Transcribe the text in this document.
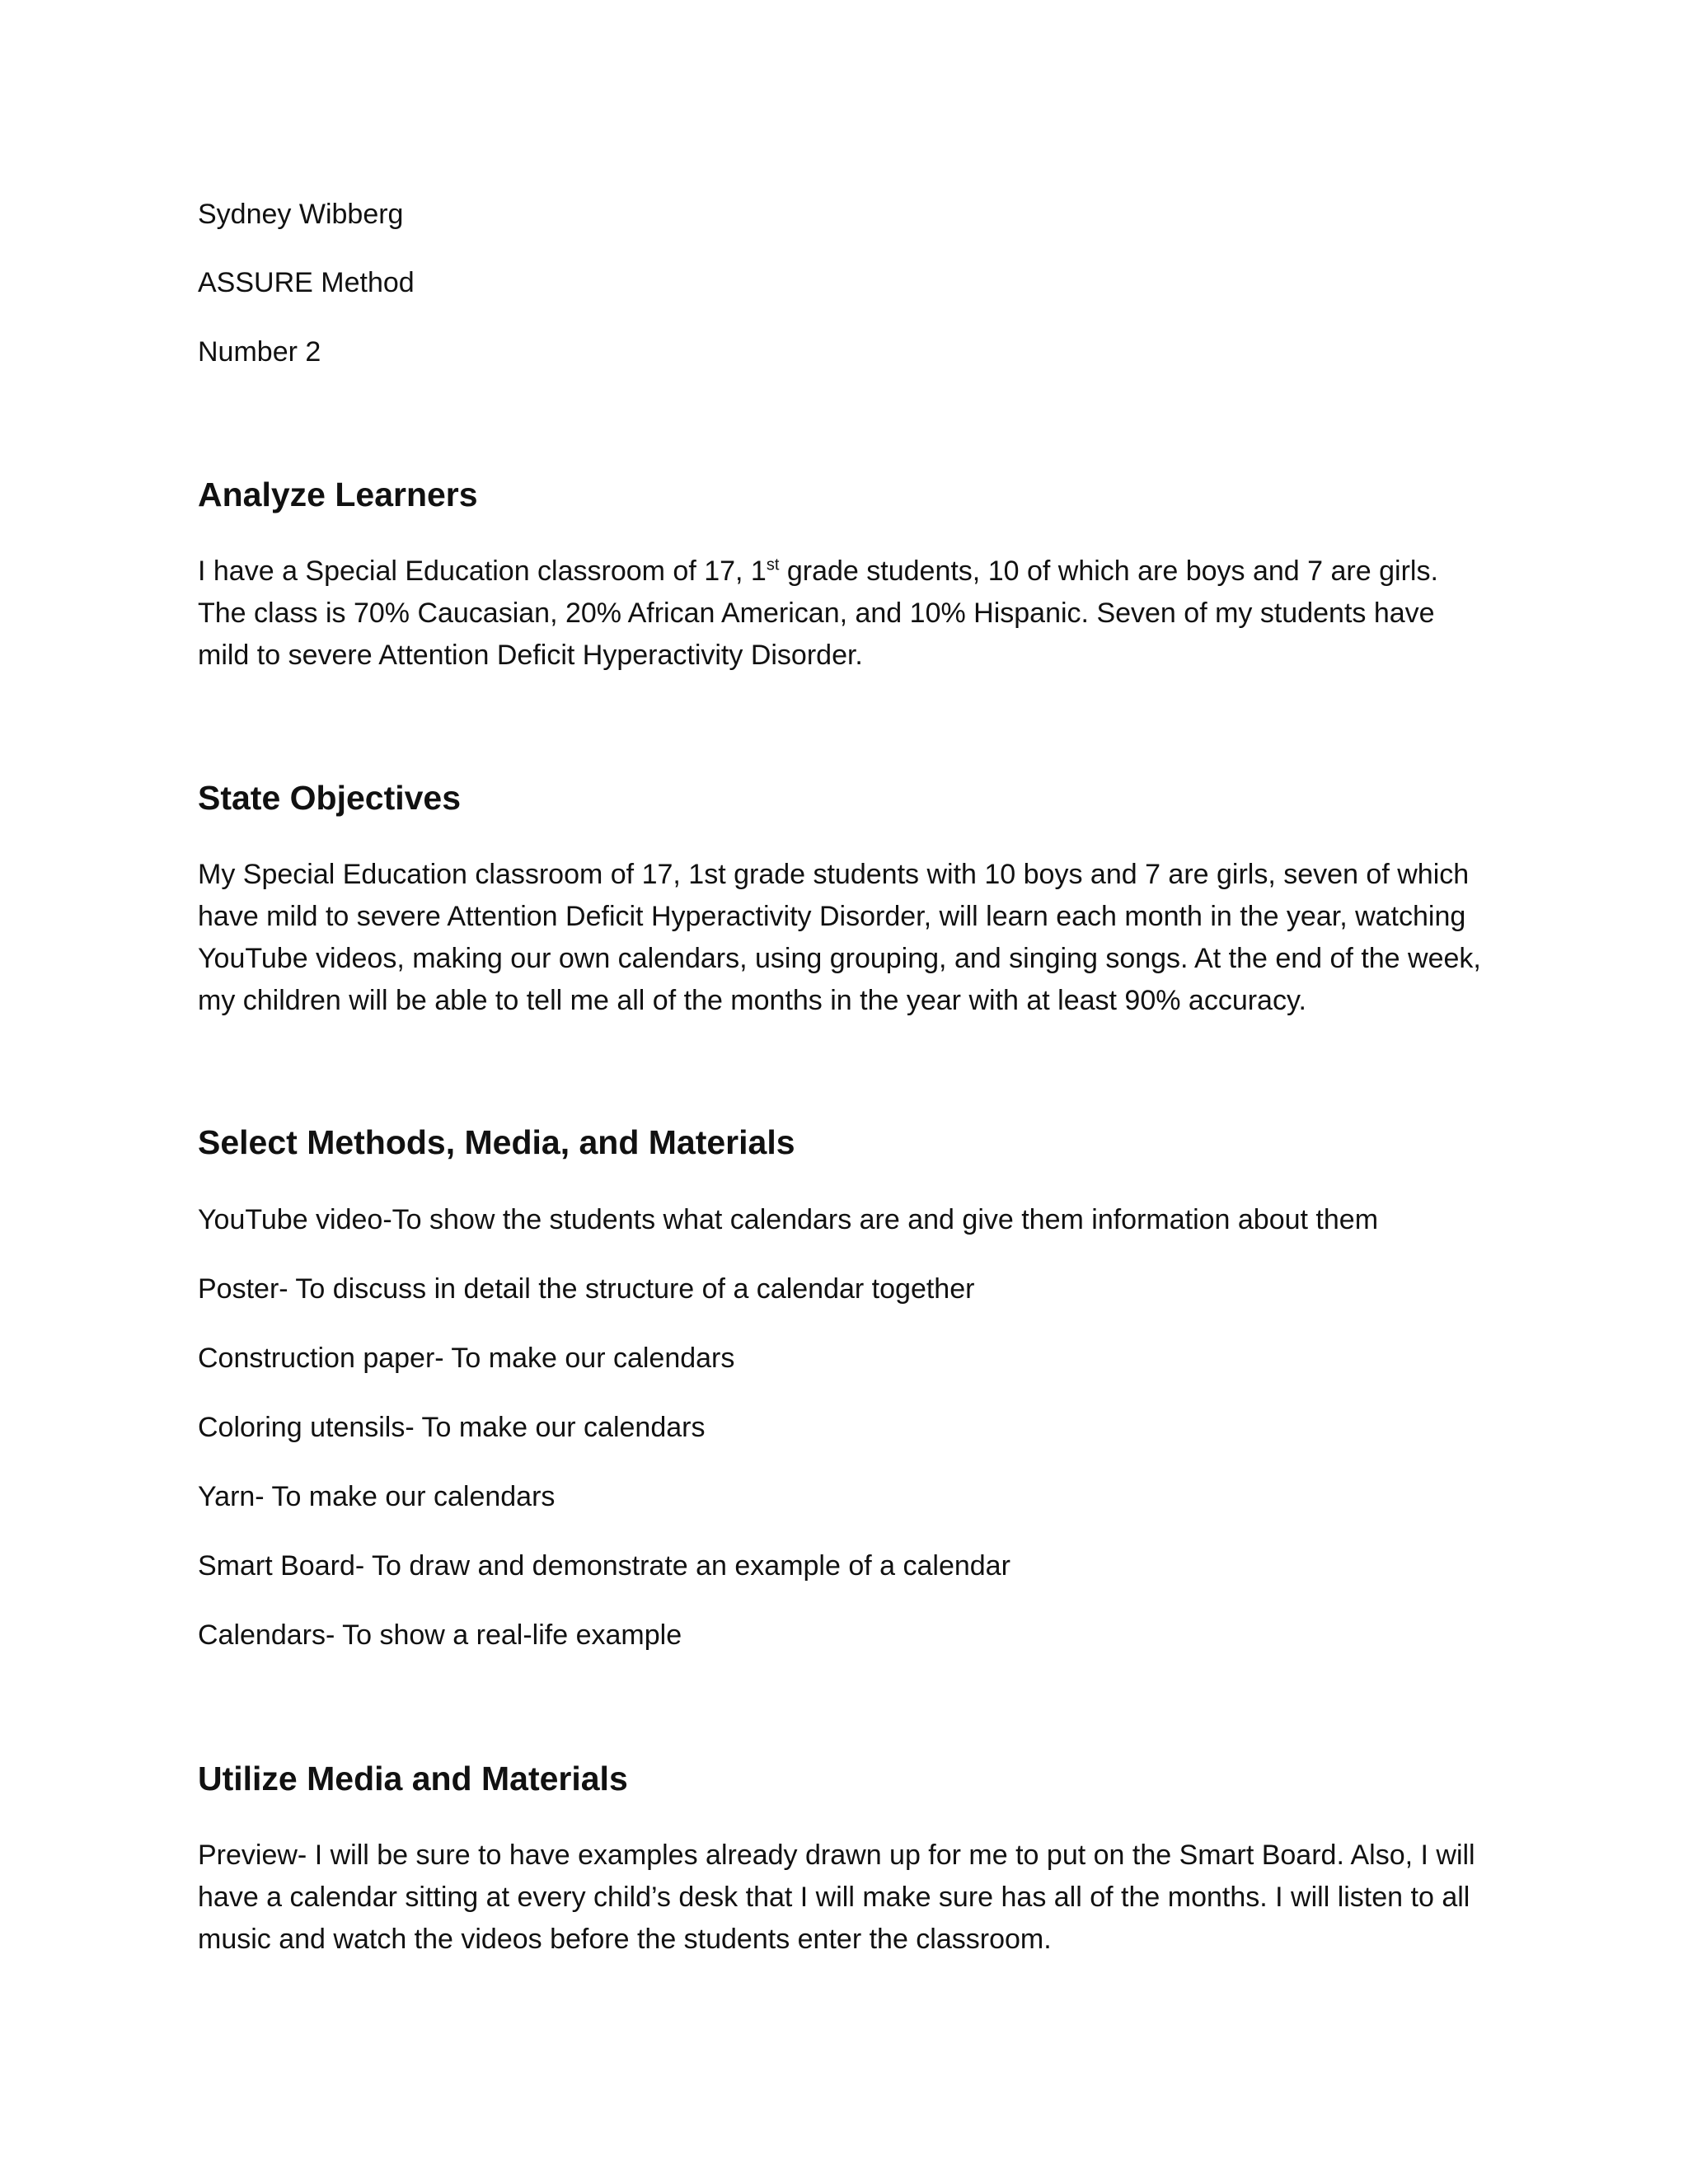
Sydney Wibberg

ASSURE Method

Number 2

Analyze Learners

I have a Special Education classroom of 17, 1st grade students, 10 of which are boys and 7 are girls. The class is 70% Caucasian, 20% African American, and 10% Hispanic. Seven of my students have mild to severe Attention Deficit Hyperactivity Disorder.

State Objectives

My Special Education classroom of 17, 1st grade students with 10 boys and 7 are girls, seven of which have mild to severe Attention Deficit Hyperactivity Disorder, will learn each month in the year, watching YouTube videos, making our own calendars, using grouping, and singing songs. At the end of the week, my children will be able to tell me all of the months in the year with at least 90% accuracy.

Select Methods, Media, and Materials

YouTube video-To show the students what calendars are and give them information about them

Poster- To discuss in detail the structure of a calendar together

Construction paper- To make our calendars

Coloring utensils- To make our calendars

Yarn- To make our calendars

Smart Board- To draw and demonstrate an example of a calendar

Calendars- To show a real-life example

Utilize Media and Materials

Preview- I will be sure to have examples already drawn up for me to put on the Smart Board. Also, I will have a calendar sitting at every child’s desk that I will make sure has all of the months. I will listen to all music and watch the videos before the students enter the classroom.
